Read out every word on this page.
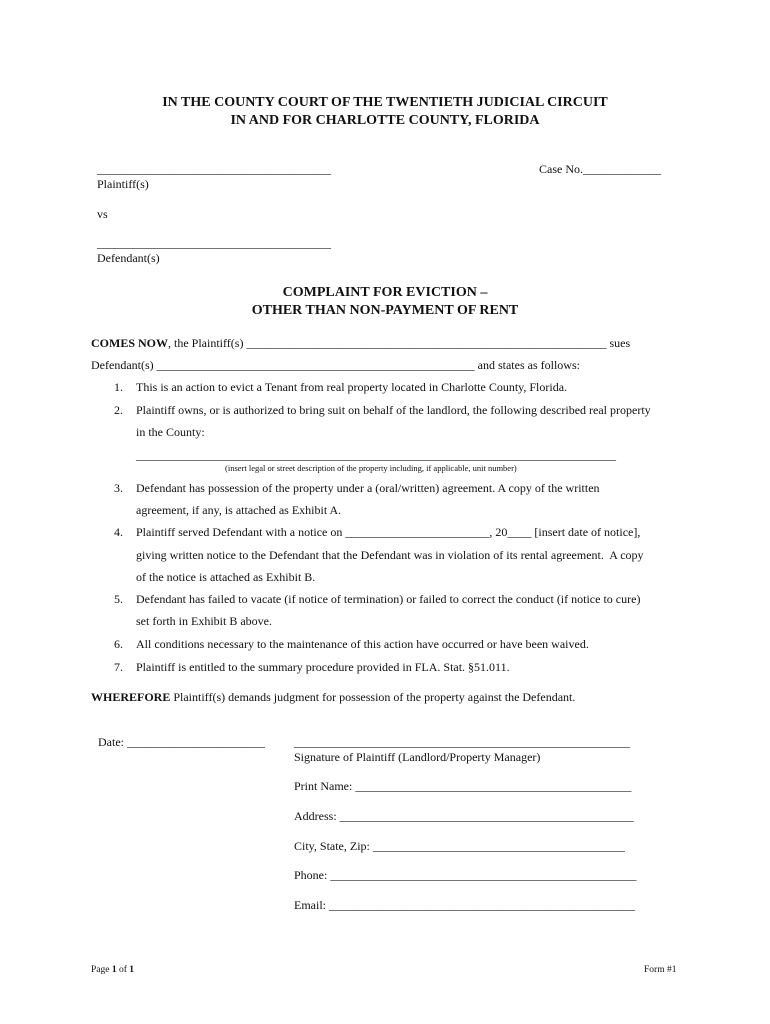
IN THE COUNTY COURT OF THE TWENTIETH JUDICIAL CIRCUIT
IN AND FOR CHARLOTTE COUNTY, FLORIDA
_______________________________________
Plaintiff(s)
Case No._____________
vs
_______________________________________
Defendant(s)
COMPLAINT FOR EVICTION –
OTHER THAN NON-PAYMENT OF RENT
COMES NOW, the Plaintiff(s) ____________________________________________________________ sues
Defendant(s) _____________________________________________________ and states as follows:
1. This is an action to evict a Tenant from real property located in Charlotte County, Florida.
2. Plaintiff owns, or is authorized to bring suit on behalf of the landlord, the following described real property
in the County:
________________________________________________________________________________
(insert legal or street description of the property including, if applicable, unit number)
3. Defendant has possession of the property under a (oral/written) agreement. A copy of the written
agreement, if any, is attached as Exhibit A.
4. Plaintiff served Defendant with a notice on ________________________, 20____ [insert date of notice],
giving written notice to the Defendant that the Defendant was in violation of its rental agreement.  A copy
of the notice is attached as Exhibit B.
5. Defendant has failed to vacate (if notice of termination) or failed to correct the conduct (if notice to cure)
set forth in Exhibit B above.
6. All conditions necessary to the maintenance of this action have occurred or have been waived.
7. Plaintiff is entitled to the summary procedure provided in FLA. Stat. §51.011.
WHEREFORE Plaintiff(s) demands judgment for possession of the property against the Defendant.
Date: _______________________ ________________________________________________________
Signature of Plaintiff (Landlord/Property Manager)
Print Name: ______________________________________________
Address: _________________________________________________
City, State, Zip: __________________________________________
Phone: ___________________________________________________
Email: ___________________________________________________
Page 1 of 1	Form #1
